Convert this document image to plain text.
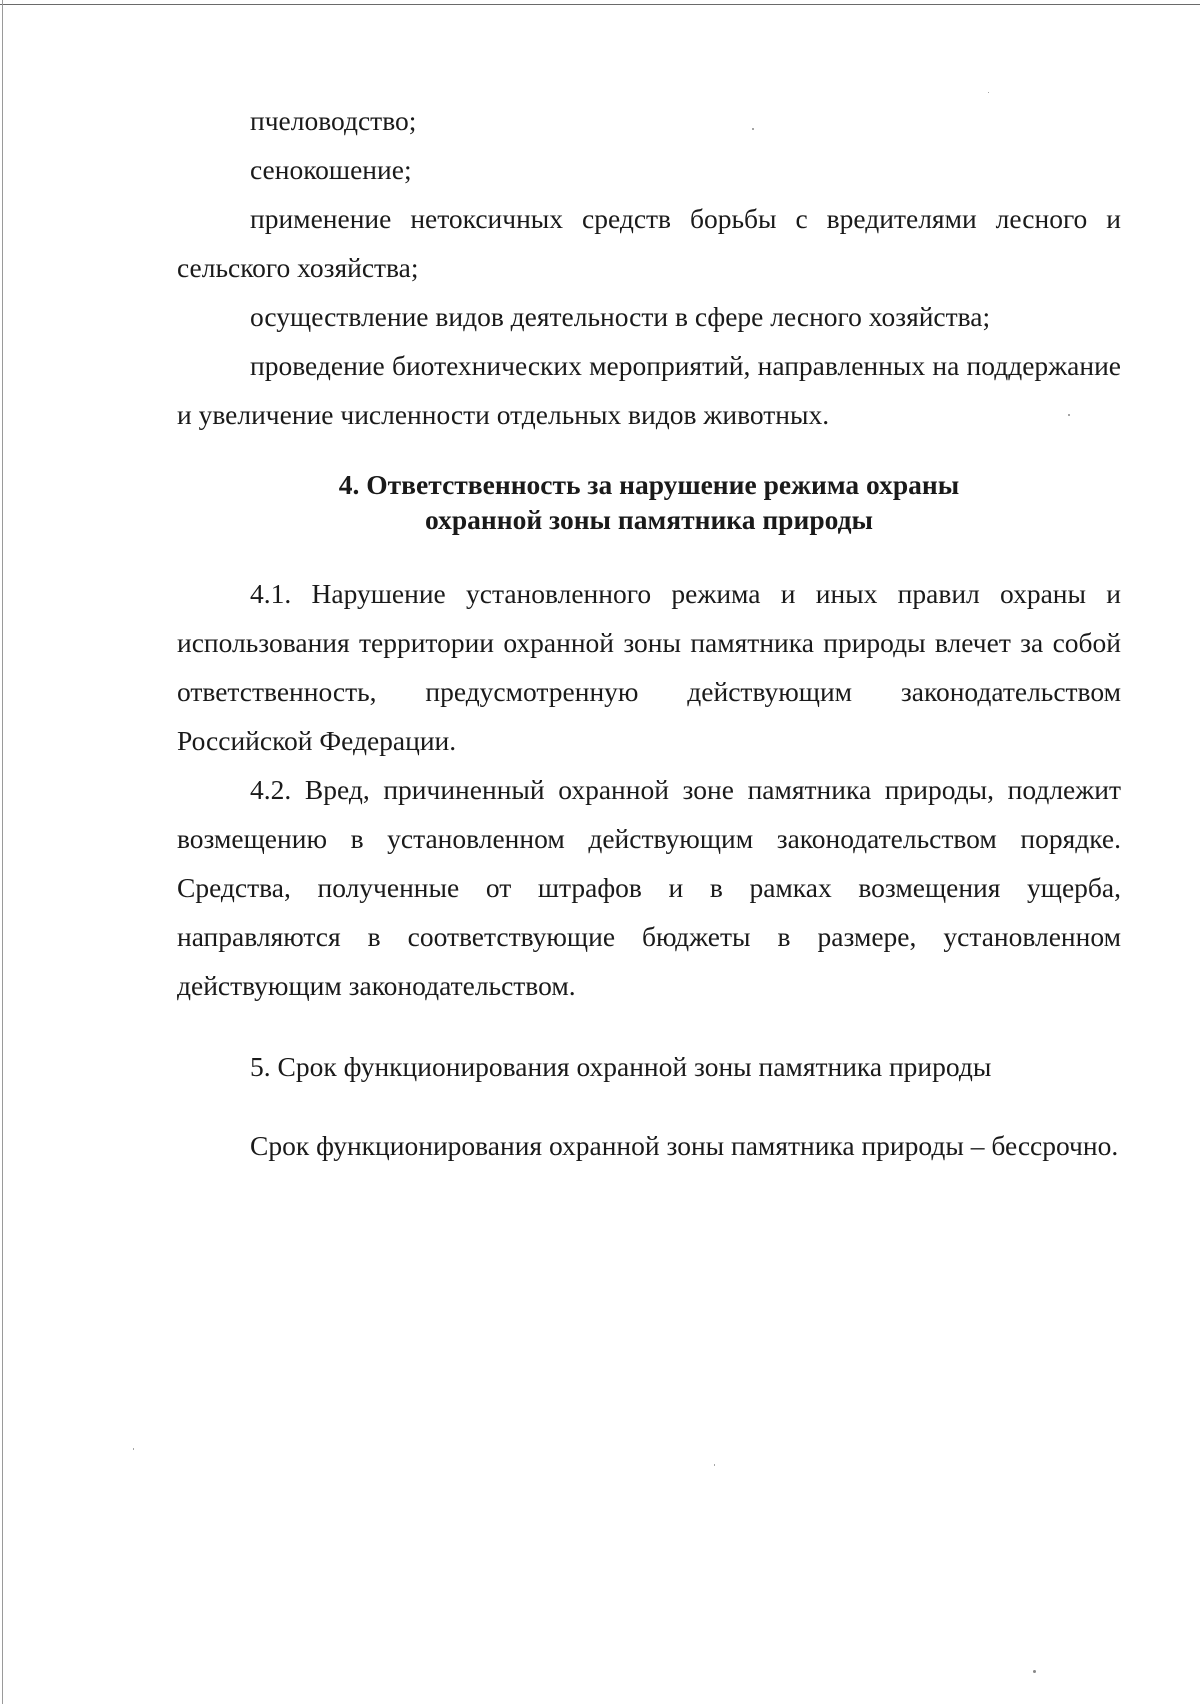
пчеловодство;

сенокошение;

применение нетоксичных средств борьбы с вредителями лесного и сельского хозяйства;

осуществление видов деятельности в сфере лесного хозяйства;

проведение биотехнических мероприятий, направленных на поддержание и увеличение численности отдельных видов животных.

4. Ответственность за нарушение режима охраны
охранной зоны памятника природы

4.1. Нарушение установленного режима и иных правил охраны и использования территории охранной зоны памятника природы влечет за собой ответственность, предусмотренную действующим законодательством Российской Федерации.

4.2. Вред, причиненный охранной зоне памятника природы, подлежит возмещению в установленном действующим законодательством порядке. Средства, полученные от штрафов и в рамках возмещения ущерба, направляются в соответствующие бюджеты в размере, установленном действующим законодательством.

5. Срок функционирования охранной зоны памятника природы

Срок функционирования охранной зоны памятника природы – бессрочно.
